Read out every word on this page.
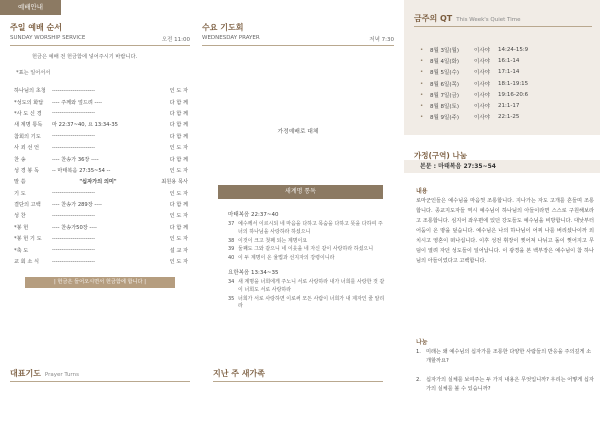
예배안내
주일 예배 순서
SUNDAY WORSHIP SERVICE	오전 11:00
헌금은 예배 전 헌금함에 넣어주시기 바랍니다.
*표는 일어서서
하나님의 초청	-----------------------	인 도 자
*성도의 화답	---- 주께와 엎드려 ----	다 함 께
*사 도 신 경	-----------------------	다 함 께
새 계명 통독	마 22:37~40, 요 13:34-35	다 함 께
참회의 기도	-----------------------	다 함 께
사 죄 선 언	-----------------------	인 도 자
찬 송	---- 찬송가 36장 ----	다 함 께
성 경 봉 독	-- 마태복음 27:35~54 --	인 도 자
말 씀	"십자가의 의미"	최원용 목사
기 도	-----------------------	인 도 자
결단의 고백	---- 찬송가 289장 ----	다 함 께
성 찬	-----------------------	인 도 자
*봉 헌	---- 찬송가50장 ----	다 함 께
*봉 헌 기 도	-----------------------	인 도 자
*축 도	-----------------------	설 교 자
교 회 소 식	-----------------------	인 도 자
| 헌금은 들어오시면서 헌금함에 합니다 |
대표기도 Prayer Turns
수요 기도회
WEDNESDAY PRAYER	저녁 7:30
가정예배로 대체
새계명 통독
마태복음 22:37~40
37 예수께서 이르시되 네 마음을 다하고 목숨을 다하고 뜻을 다하여 주 너의 하나님을 사랑하라 하셨으니
38 이것이 크고 첫째 되는 계명이요
39 둘째도 그와 같으니 네 이웃을 네 자신 같이 사랑하라 하셨으니
40 이 두 계명이 온 율법과 선지자의 강령이니라
요한복음 13:34~35
34 새 계명을 너희에게 주노니 서로 사랑하라 내가 너희를 사랑한 것 같이 너희도 서로 사랑하라
35 너희가 서로 사랑하면 이로써 모든 사람이 너희가 내 제자인 줄 알리라
지난 주 새가족
금주의 QT This Week's Quiet Time
•	8월 3일(월)	이사야	14:24-15:9
•	8월 4일(화)	이사야	16:1-14
•	8월 5일(수)	이사야	17:1-14
•	8월 6일(목)	이사야	18:1-19:15
•	8월 7일(금)	이사야	19:16-20:6
•	8월 8일(토)	이사야	21:1-17
•	8월 9일(주)	이사야	22:1-25
가정(구역) 나눔
본문 : 마태복음 27:35~54
내용
로마군인들은 예수님을 마음껏 조롱합니다. 지나가는 자도 고개를 흔들며 조롱합니다. 종교지도자들 역시 예수님이 하나님의 아들이라면 스스로 구원해보라고 조롱합니다. 심지어 좌우편에 있던 강도들도 예수님을 비방합니다. 대낮부터 어둠이 온 땅을 덮습니다. 예수님은 나의 하나님이 어찌 나를 버리셨나이까 외치시고 영혼이 떠나십니다. 이후 성전 휘장이 찢어져 나뉘고 돌이 찢어지고 무덤이 열려 자던 성도들이 일어납니다. 이 광경을 본 백부장은 예수님이 참 하나님의 아들이었다고 고백합니다.
나눔
1. 미래는 왜 예수님의 십자가를 조롱한 다양한 사람들의 반응을 주의깊게 소개할까요?
2. 십자가의 실체를 보여주는 두 가지 내용은 무엇입니까? 우리는 어떻게 십자가의 실체를 볼 수 있습니까?
